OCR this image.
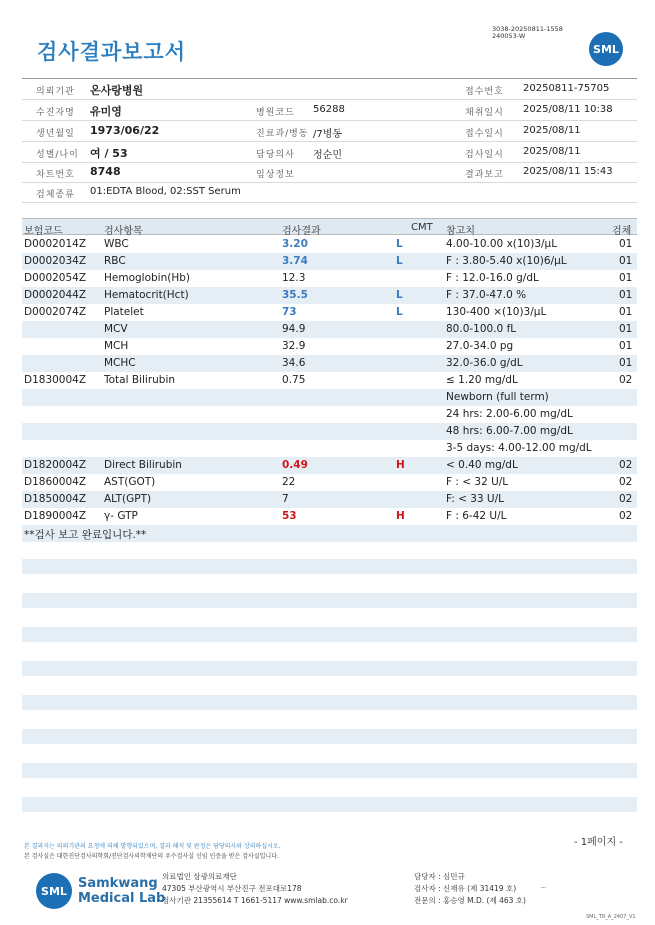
검사결과보고서
3038-20250811-1558
240053-W
SML
의뢰기관 온사랑병원	접수번호 20250811-75705
수진자명 유미영	병원코드 56288	채취일시 2025/08/11 10:38
생년월일 1973/06/22	진료과/병동 /7병동	접수일시 2025/08/11
성별/나이 여 / 53	담당의사 정순민	검사일시 2025/08/11
차트번호 8748	임상정보	결과보고 2025/08/11 15:43
검체종류 01:EDTA Blood, 02:SST Serum
보험코드	검사항목	검사결과	CMT 참고치	검체
D0002014Z WBC	3.20	L	4.00-10.00 x(10)3/μL	01
D0002034Z RBC	3.74	L	F : 3.80-5.40 x(10)6/μL	01
D0002054Z Hemoglobin(Hb)	12.3	F : 12.0-16.0 g/dL	01
D0002044Z Hematocrit(Hct)	35.5	L	F : 37.0-47.0 %	01
D0002074Z Platelet	73	L	130-400 ×(10)3/μL	01
MCV	94.9	80.0-100.0 fL	01
MCH	32.9	27.0-34.0 pg	01
MCHC	34.6	32.0-36.0 g/dL	01
D1830004Z Total Bilirubin	0.75	≤ 1.20 mg/dL	02
Newborn (full term)
24 hrs: 2.00-6.00 mg/dL
48 hrs: 6.00-7.00 mg/dL
3-5 days: 4.00-12.00 mg/dL
D1820004Z Direct Bilirubin	0.49	H	< 0.40 mg/dL	02
D1860004Z AST(GOT)	22	F : < 32 U/L	02
D1850004Z ALT(GPT)	7	F: < 33 U/L	02
D1890004Z γ- GTP	53	H	F : 6-42 U/L	02
**검사 보고 완료입니다.**
- 1페이지 -
본 결과지는 의뢰기관의 요청에 의해 발행되었으며, 결과 해석 및 판정은 담당의사와 상의하십시오.
본 검사실은 대한진단검사의학회/진단검사의학재단의 우수검사실 신임 인증을 받은 검사실입니다.
SML Samkwang
Medical Lab
의료법인 삼광의료재단
47305 부산광역시 부산진구 전포대로178
검사기관 21355614 T 1661-5117 www.smlab.co.kr
담당자 : 심민규
검사자 : 신재유 (제 31419 호)
전문의 : 홍승영 M.D. (제 463 호)
~
SML_TR_A_2407_V1
